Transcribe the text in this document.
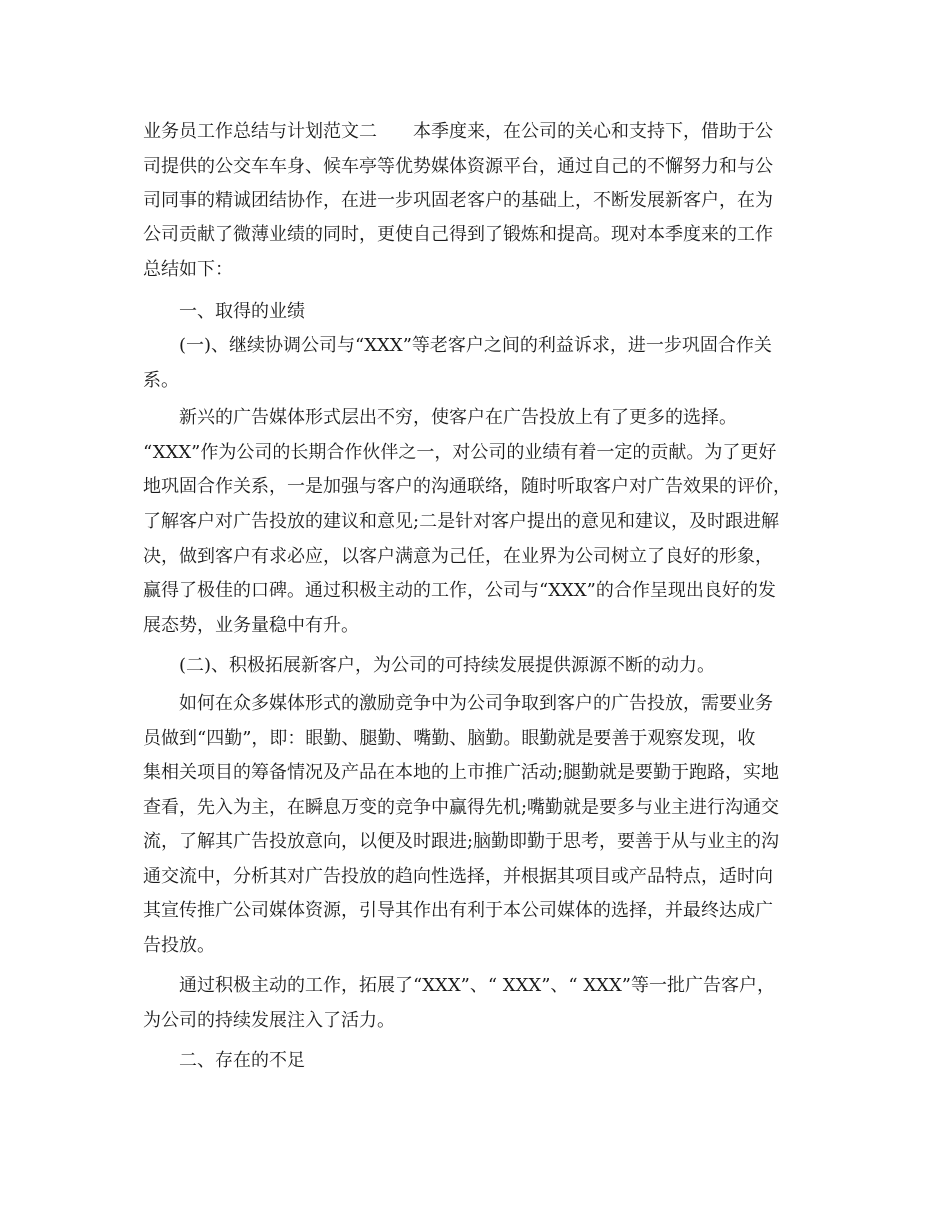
业务员工作总结与计划范文二　　本季度来，在公司的关心和支持下，借助于公

司提供的公交车车身、候车亭等优势媒体资源平台，通过自己的不懈努力和与公

司同事的精诚团结协作，在进一步巩固老客户的基础上，不断发展新客户，在为

公司贡献了微薄业绩的同时，更使自己得到了锻炼和提高。现对本季度来的工作

总结如下：

　　一、取得的业绩

　　(一)、继续协调公司与“XXX”等老客户之间的利益诉求，进一步巩固合作关

系。

　　新兴的广告媒体形式层出不穷，使客户在广告投放上有了更多的选择。

“XXX”作为公司的长期合作伙伴之一，对公司的业绩有着一定的贡献。为了更好

地巩固合作关系，一是加强与客户的沟通联络，随时听取客户对广告效果的评价，

了解客户对广告投放的建议和意见;二是针对客户提出的意见和建议，及时跟进解

决，做到客户有求必应，以客户满意为己任，在业界为公司树立了良好的形象，

赢得了极佳的口碑。通过积极主动的工作，公司与“XXX”的合作呈现出良好的发

展态势，业务量稳中有升。

　　(二)、积极拓展新客户，为公司的可持续发展提供源源不断的动力。

　　如何在众多媒体形式的激励竞争中为公司争取到客户的广告投放，需要业务

员做到“四勤”，即：眼勤、腿勤、嘴勤、脑勤。眼勤就是要善于观察发现，收

集相关项目的筹备情况及产品在本地的上市推广活动;腿勤就是要勤于跑路，实地

查看，先入为主，在瞬息万变的竞争中赢得先机;嘴勤就是要多与业主进行沟通交

流，了解其广告投放意向，以便及时跟进;脑勤即勤于思考，要善于从与业主的沟

通交流中，分析其对广告投放的趋向性选择，并根据其项目或产品特点，适时向

其宣传推广公司媒体资源，引导其作出有利于本公司媒体的选择，并最终达成广

告投放。

　　通过积极主动的工作，拓展了“XXX”、“ XXX”、“ XXX”等一批广告客户，

为公司的持续发展注入了活力。

　　二、存在的不足
